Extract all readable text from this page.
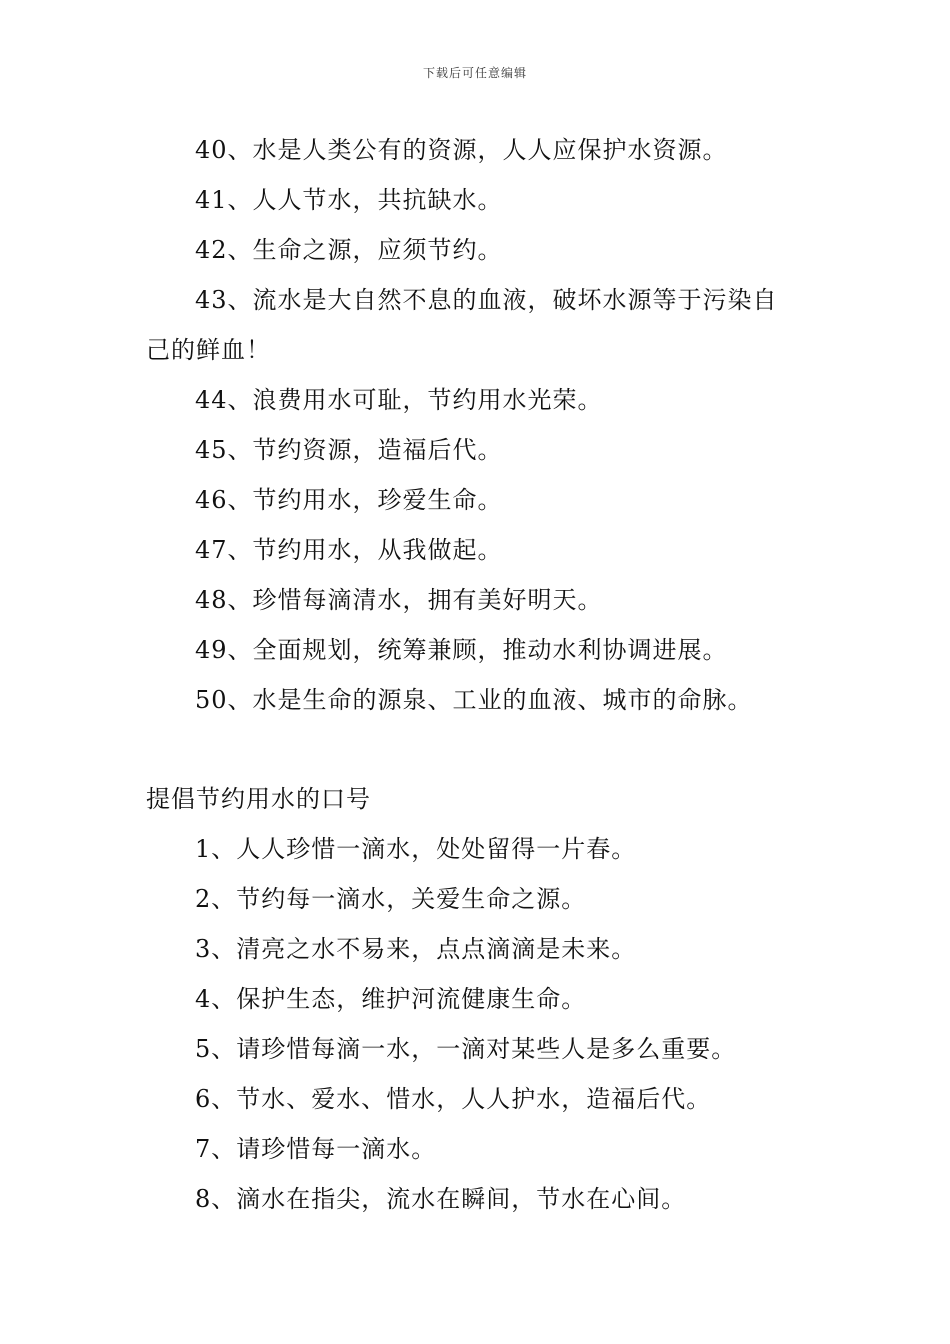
下载后可任意编辑
40、水是人类公有的资源，人人应保护水资源。
41、人人节水，共抗缺水。
42、生命之源，应须节约。
43、流水是大自然不息的血液，破坏水源等于污染自
己的鲜血！
44、浪费用水可耻，节约用水光荣。
45、节约资源，造福后代。
46、节约用水，珍爱生命。
47、节约用水，从我做起。
48、珍惜每滴清水，拥有美好明天。
49、全面规划，统筹兼顾，推动水利协调进展。
50、水是生命的源泉、工业的血液、城市的命脉。
提倡节约用水的口号
1、人人珍惜一滴水，处处留得一片春。
2、节约每一滴水，关爱生命之源。
3、清亮之水不易来，点点滴滴是未来。
4、保护生态，维护河流健康生命。
5、请珍惜每滴一水，一滴对某些人是多么重要。
6、节水、爱水、惜水，人人护水，造福后代。
7、请珍惜每一滴水。
8、滴水在指尖，流水在瞬间，节水在心间。
